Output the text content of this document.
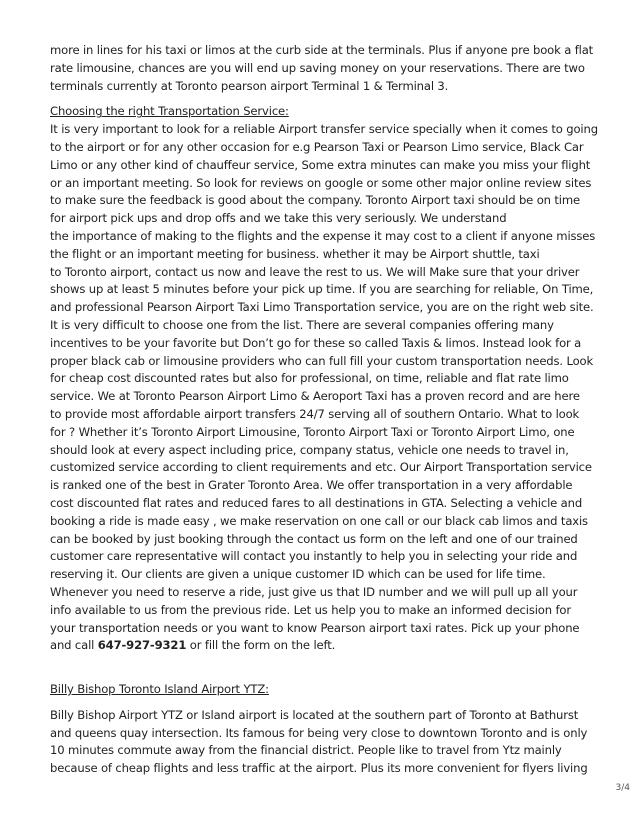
more in lines for his taxi or limos at the curb side at the terminals. Plus if anyone pre book a flat
rate limousine, chances are you will end up saving money on your reservations. There are two
terminals currently at Toronto pearson airport Terminal 1 & Terminal 3.
Choosing the right Transportation Service:
It is very important to look for a reliable Airport transfer service specially when it comes to going
to the airport or for any other occasion for e.g Pearson Taxi or Pearson Limo service, Black Car
Limo or any other kind of chauffeur service, Some extra minutes can make you miss your flight
or an important meeting. So look for reviews on google or some other major online review sites
to make sure the feedback is good about the company. Toronto Airport taxi should be on time
for airport pick ups and drop offs and we take this very seriously. We understand
the importance of making to the flights and the expense it may cost to a client if anyone misses
the flight or an important meeting for business. whether it may be Airport shuttle, taxi
to Toronto airport, contact us now and leave the rest to us. We will Make sure that your driver
shows up at least 5 minutes before your pick up time. If you are searching for reliable, On Time,
and professional Pearson Airport Taxi Limo Transportation service, you are on the right web site.
It is very difficult to choose one from the list. There are several companies offering many
incentives to be your favorite but Don’t go for these so called Taxis & limos. Instead look for a
proper black cab or limousine providers who can full fill your custom transportation needs. Look
for cheap cost discounted rates but also for professional, on time, reliable and flat rate limo
service. We at Toronto Pearson Airport Limo & Aeroport Taxi has a proven record and are here
to provide most affordable airport transfers 24/7 serving all of southern Ontario. What to look
for ? Whether it’s Toronto Airport Limousine, Toronto Airport Taxi or Toronto Airport Limo, one
should look at every aspect including price, company status, vehicle one needs to travel in,
customized service according to client requirements and etc. Our Airport Transportation service
is ranked one of the best in Grater Toronto Area. We offer transportation in a very affordable
cost discounted flat rates and reduced fares to all destinations in GTA. Selecting a vehicle and
booking a ride is made easy , we make reservation on one call or our black cab limos and taxis
can be booked by just booking through the contact us form on the left and one of our trained
customer care representative will contact you instantly to help you in selecting your ride and
reserving it. Our clients are given a unique customer ID which can be used for life time.
Whenever you need to reserve a ride, just give us that ID number and we will pull up all your
info available to us from the previous ride. Let us help you to make an informed decision for
your transportation needs or you want to know Pearson airport taxi rates. Pick up your phone
and call 647-927-9321 or fill the form on the left.
Billy Bishop Toronto Island Airport YTZ:
Billy Bishop Airport YTZ or Island airport is located at the southern part of Toronto at Bathurst
and queens quay intersection. Its famous for being very close to downtown Toronto and is only
10 minutes commute away from the financial district. People like to travel from Ytz mainly
because of cheap flights and less traffic at the airport. Plus its more convenient for flyers living
3/4
